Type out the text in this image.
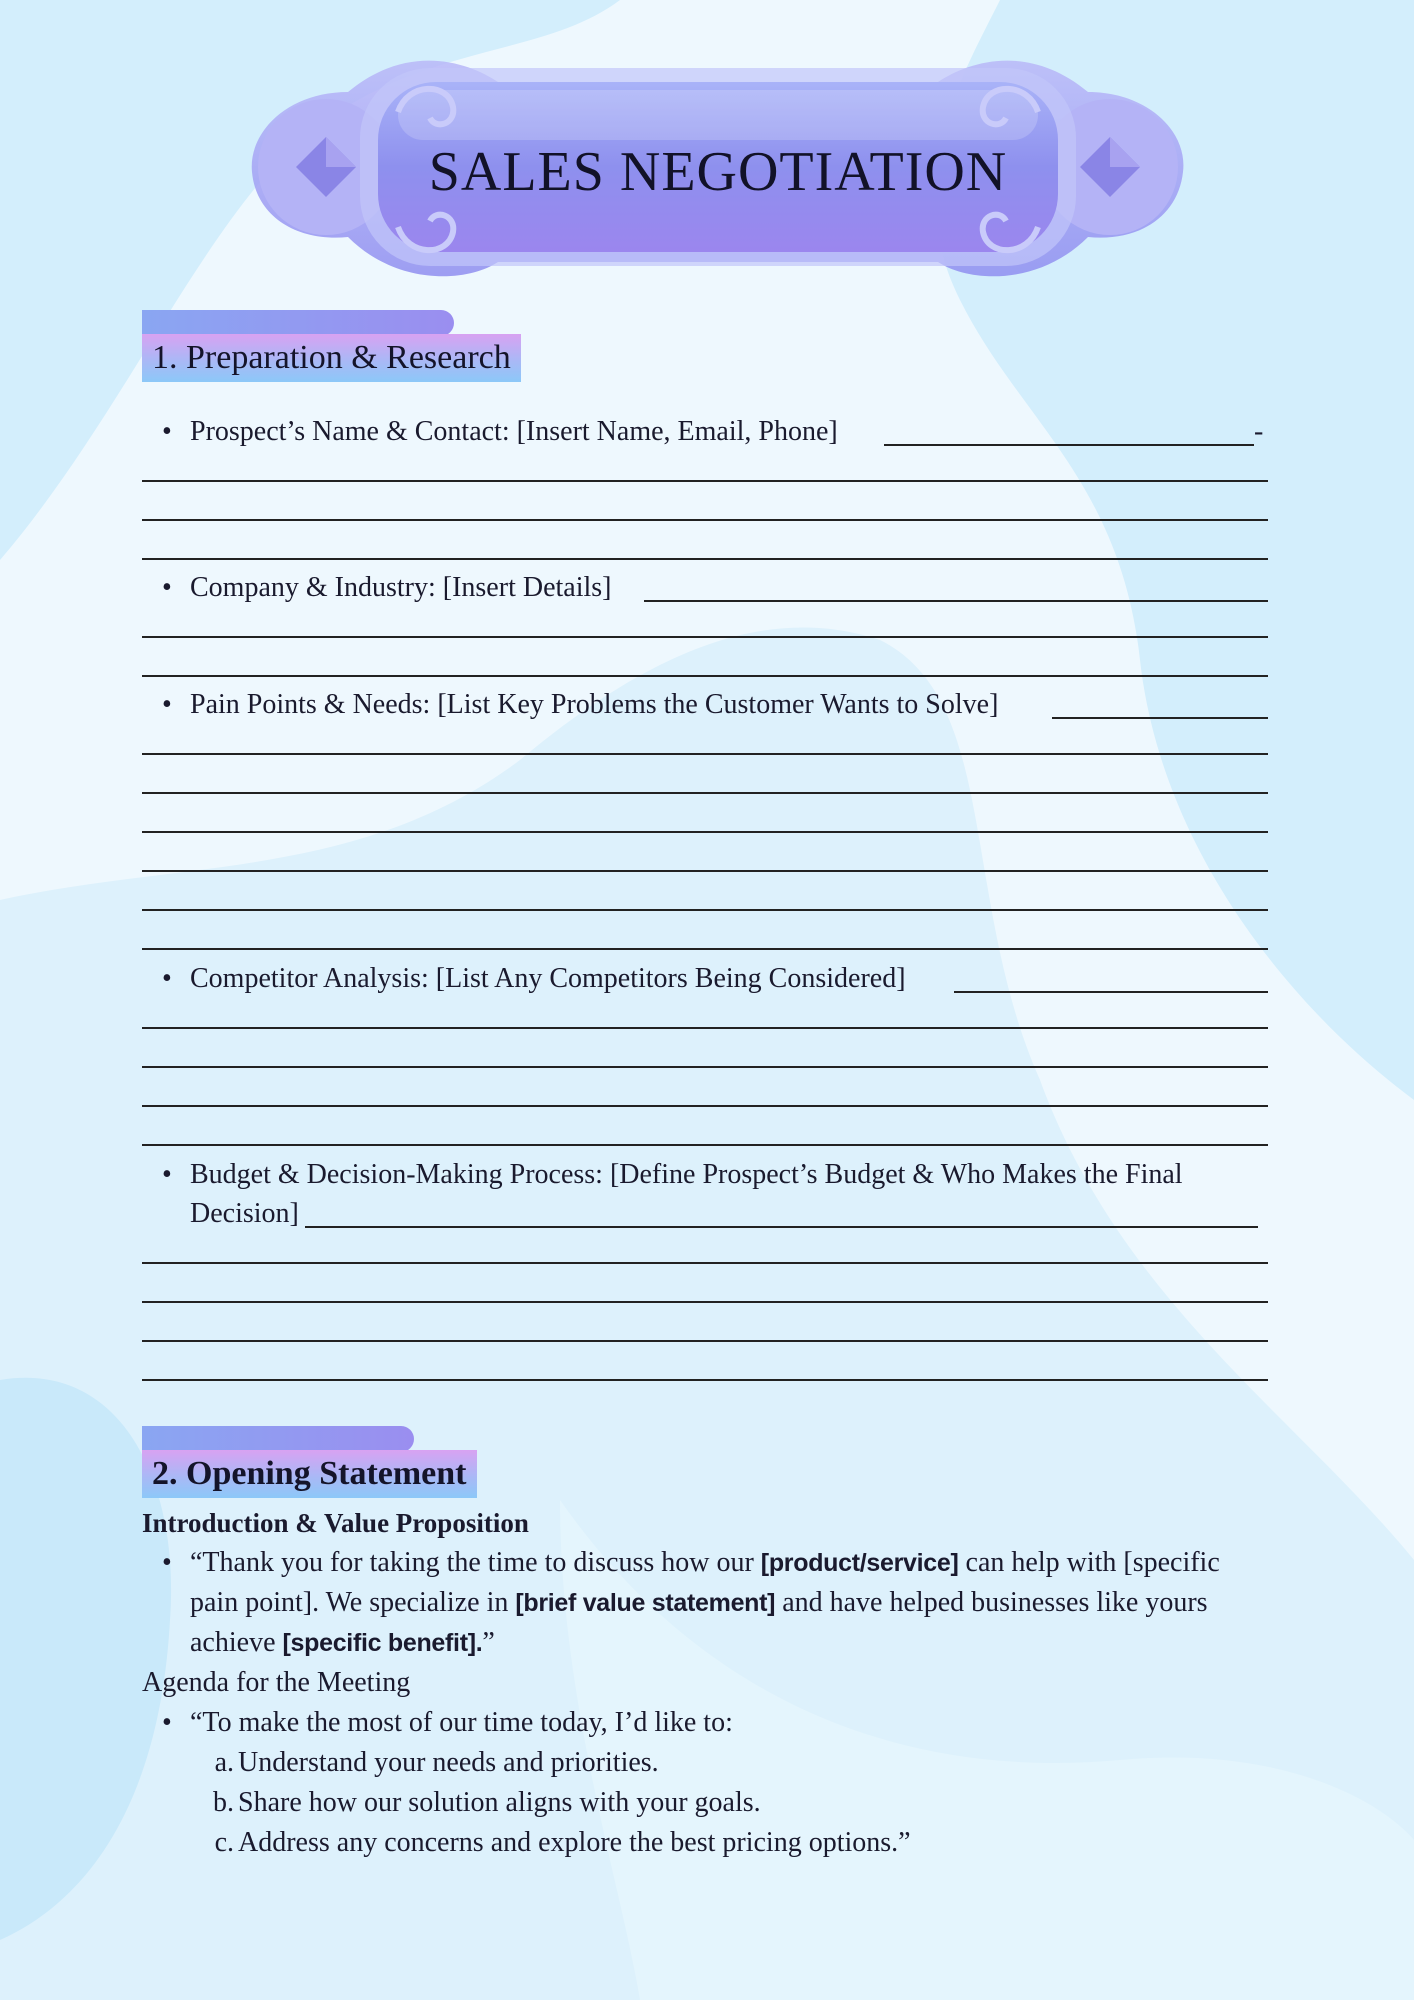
SALES NEGOTIATION
1. Preparation & Research
• Prospect’s Name & Contact: [Insert Name, Email, Phone]	-
• Company & Industry: [Insert Details]
• Pain Points & Needs: [List Key Problems the Customer Wants to Solve]
• Competitor Analysis: [List Any Competitors Being Considered]
• Budget & Decision-Making Process: [Define Prospect’s Budget & Who Makes the Final
Decision]
2. Opening Statement
Introduction & Value Proposition
• “Thank you for taking the time to discuss how our [product/service] can help with [specific
pain point]. We specialize in [brief value statement] and have helped businesses like yours
achieve [specific benefit].”
Agenda for the Meeting
• “To make the most of our time today, I’d like to:
a. Understand your needs and priorities.
b. Share how our solution aligns with your goals.
c. Address any concerns and explore the best pricing options.”
